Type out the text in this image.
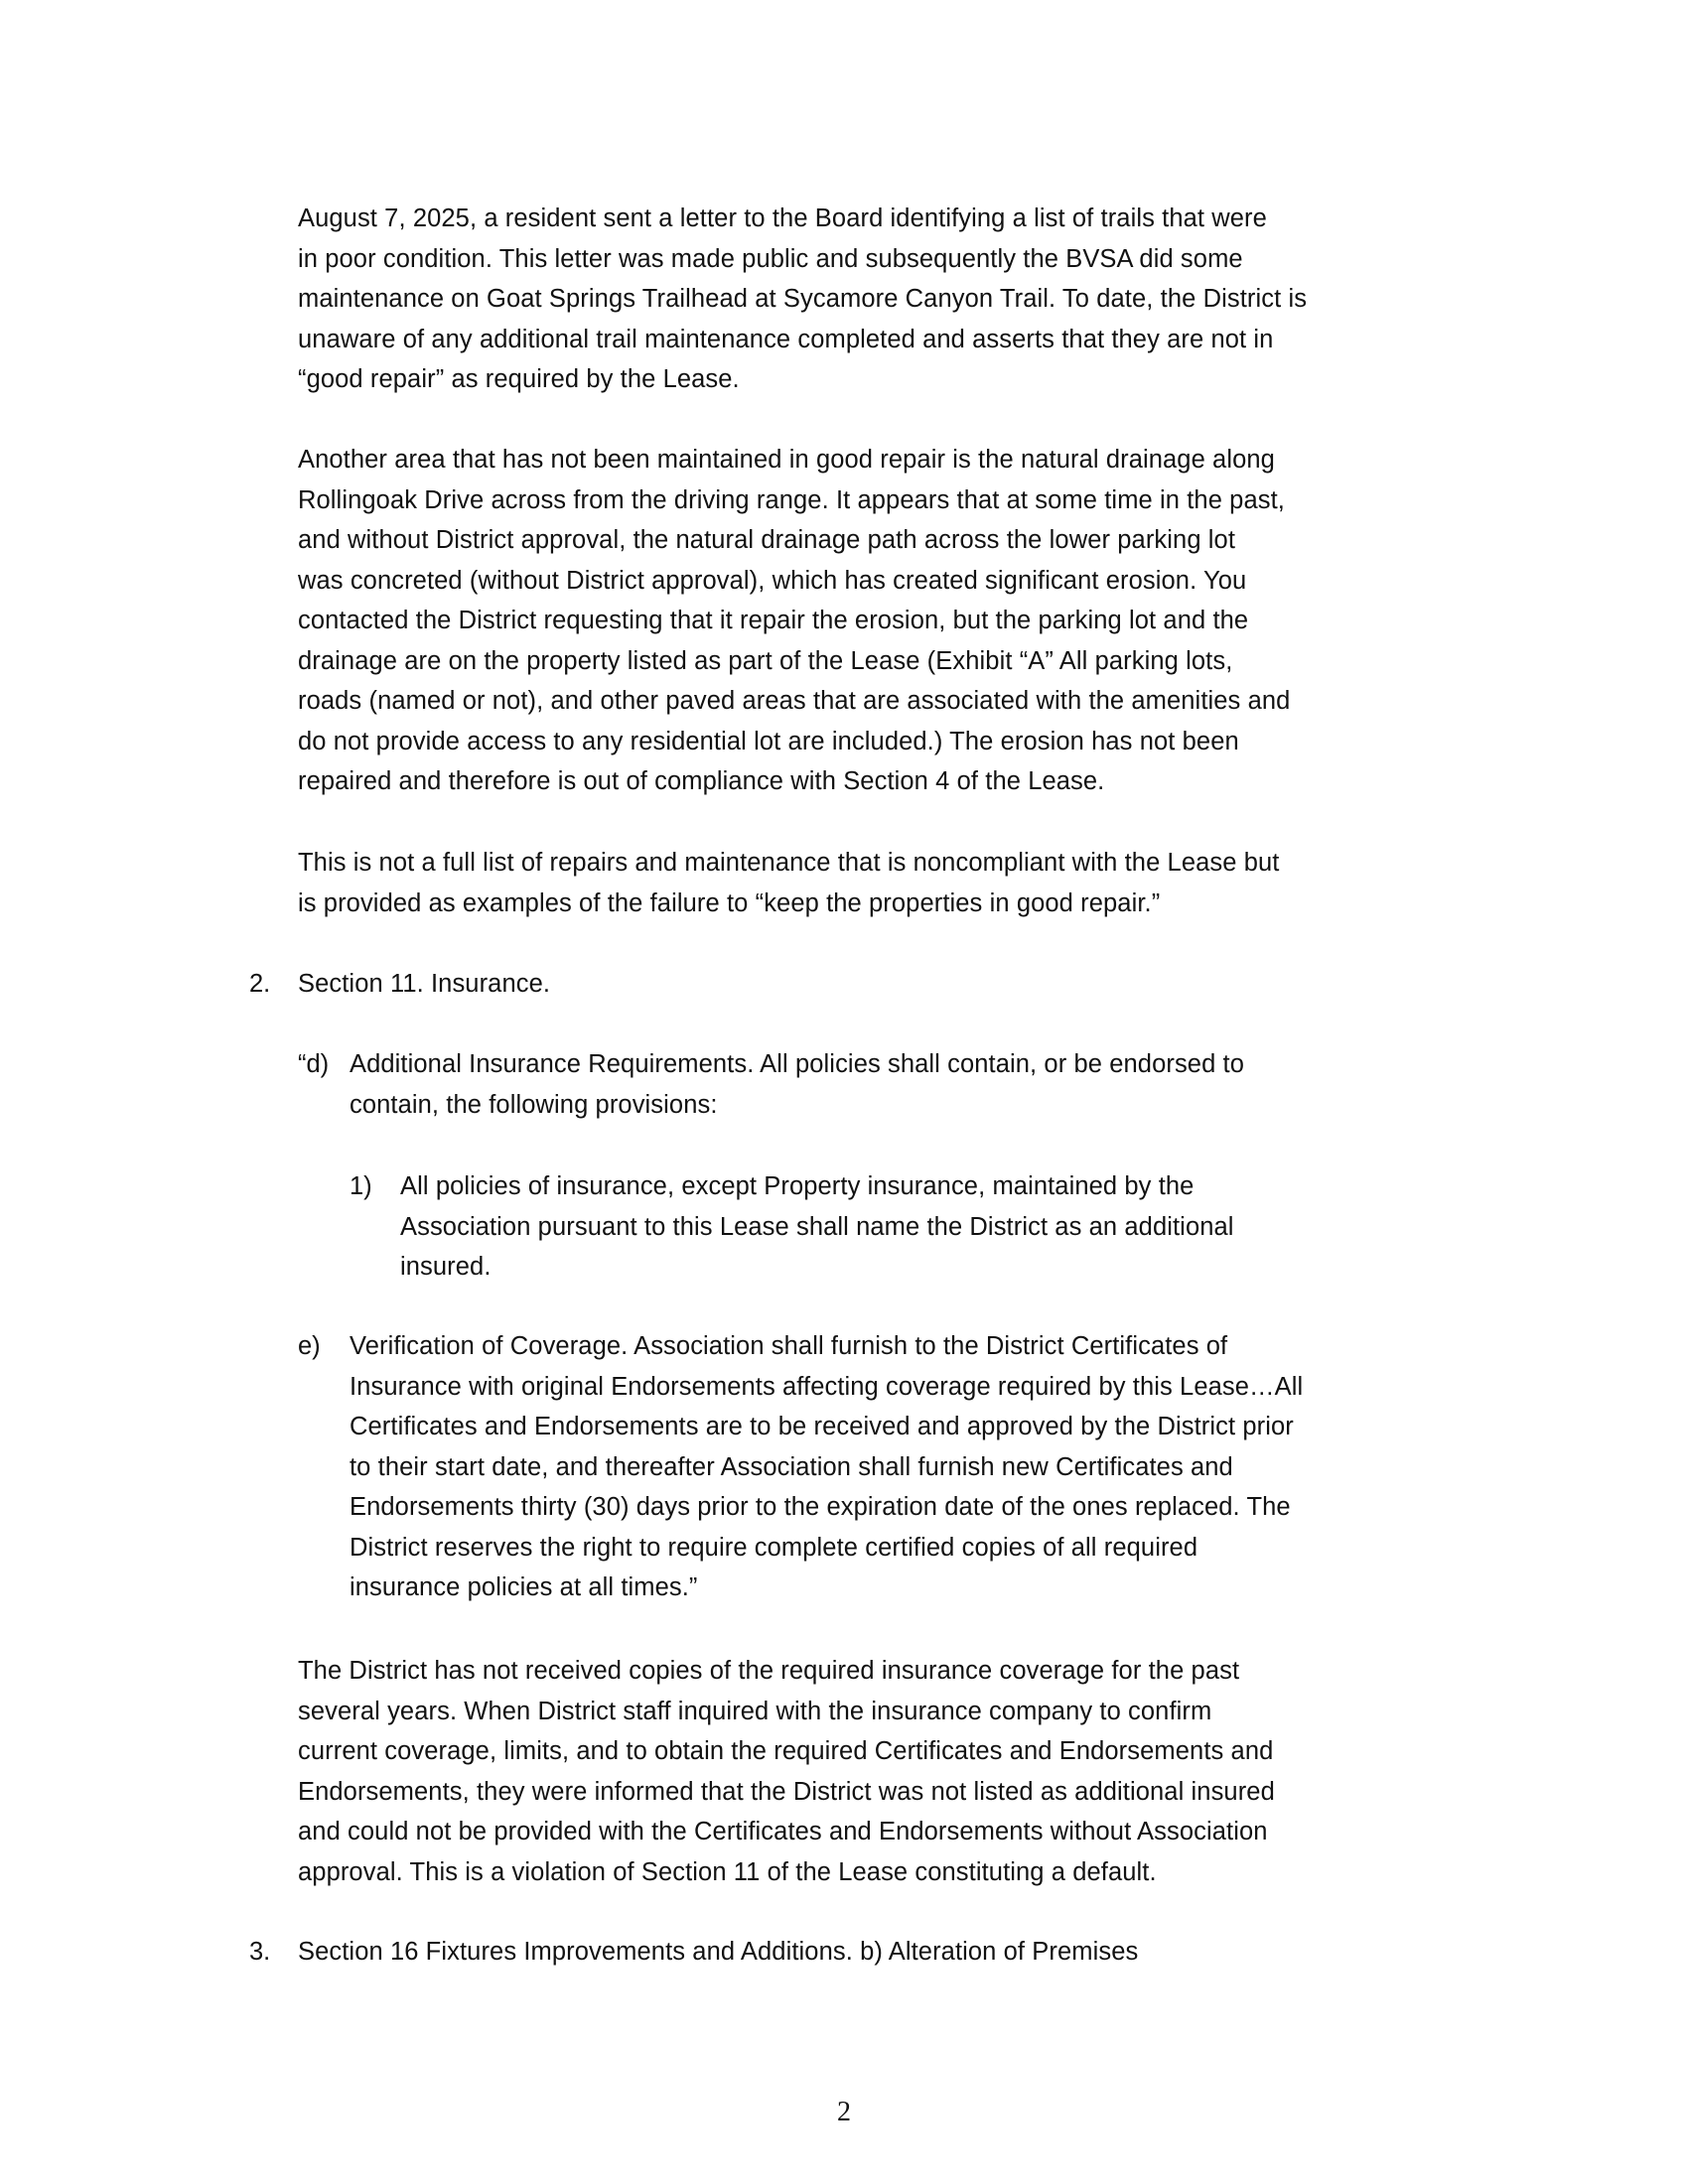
August 7, 2025, a resident sent a letter to the Board identifying a list of trails that were
in poor condition. This letter was made public and subsequently the BVSA did some
maintenance on Goat Springs Trailhead at Sycamore Canyon Trail. To date, the District is
unaware of any additional trail maintenance completed and asserts that they are not in
“good repair” as required by the Lease.
Another area that has not been maintained in good repair is the natural drainage along
Rollingoak Drive across from the driving range. It appears that at some time in the past,
and without District approval, the natural drainage path across the lower parking lot
was concreted (without District approval), which has created significant erosion. You
contacted the District requesting that it repair the erosion, but the parking lot and the
drainage are on the property listed as part of the Lease (Exhibit “A” All parking lots,
roads (named or not), and other paved areas that are associated with the amenities and
do not provide access to any residential lot are included.) The erosion has not been
repaired and therefore is out of compliance with Section 4 of the Lease.
This is not a full list of repairs and maintenance that is noncompliant with the Lease but
is provided as examples of the failure to “keep the properties in good repair.”
2. Section 11. Insurance.
“d) Additional Insurance Requirements. All policies shall contain, or be endorsed to
contain, the following provisions:
1) All policies of insurance, except Property insurance, maintained by the
Association pursuant to this Lease shall name the District as an additional
insured.
e) Verification of Coverage. Association shall furnish to the District Certificates of
Insurance with original Endorsements affecting coverage required by this Lease…All
Certificates and Endorsements are to be received and approved by the District prior
to their start date, and thereafter Association shall furnish new Certificates and
Endorsements thirty (30) days prior to the expiration date of the ones replaced. The
District reserves the right to require complete certified copies of all required
insurance policies at all times.”
The District has not received copies of the required insurance coverage for the past
several years. When District staff inquired with the insurance company to confirm
current coverage, limits, and to obtain the required Certificates and Endorsements and
Endorsements, they were informed that the District was not listed as additional insured
and could not be provided with the Certificates and Endorsements without Association
approval. This is a violation of Section 11 of the Lease constituting a default.
3. Section 16 Fixtures Improvements and Additions. b) Alteration of Premises
2
